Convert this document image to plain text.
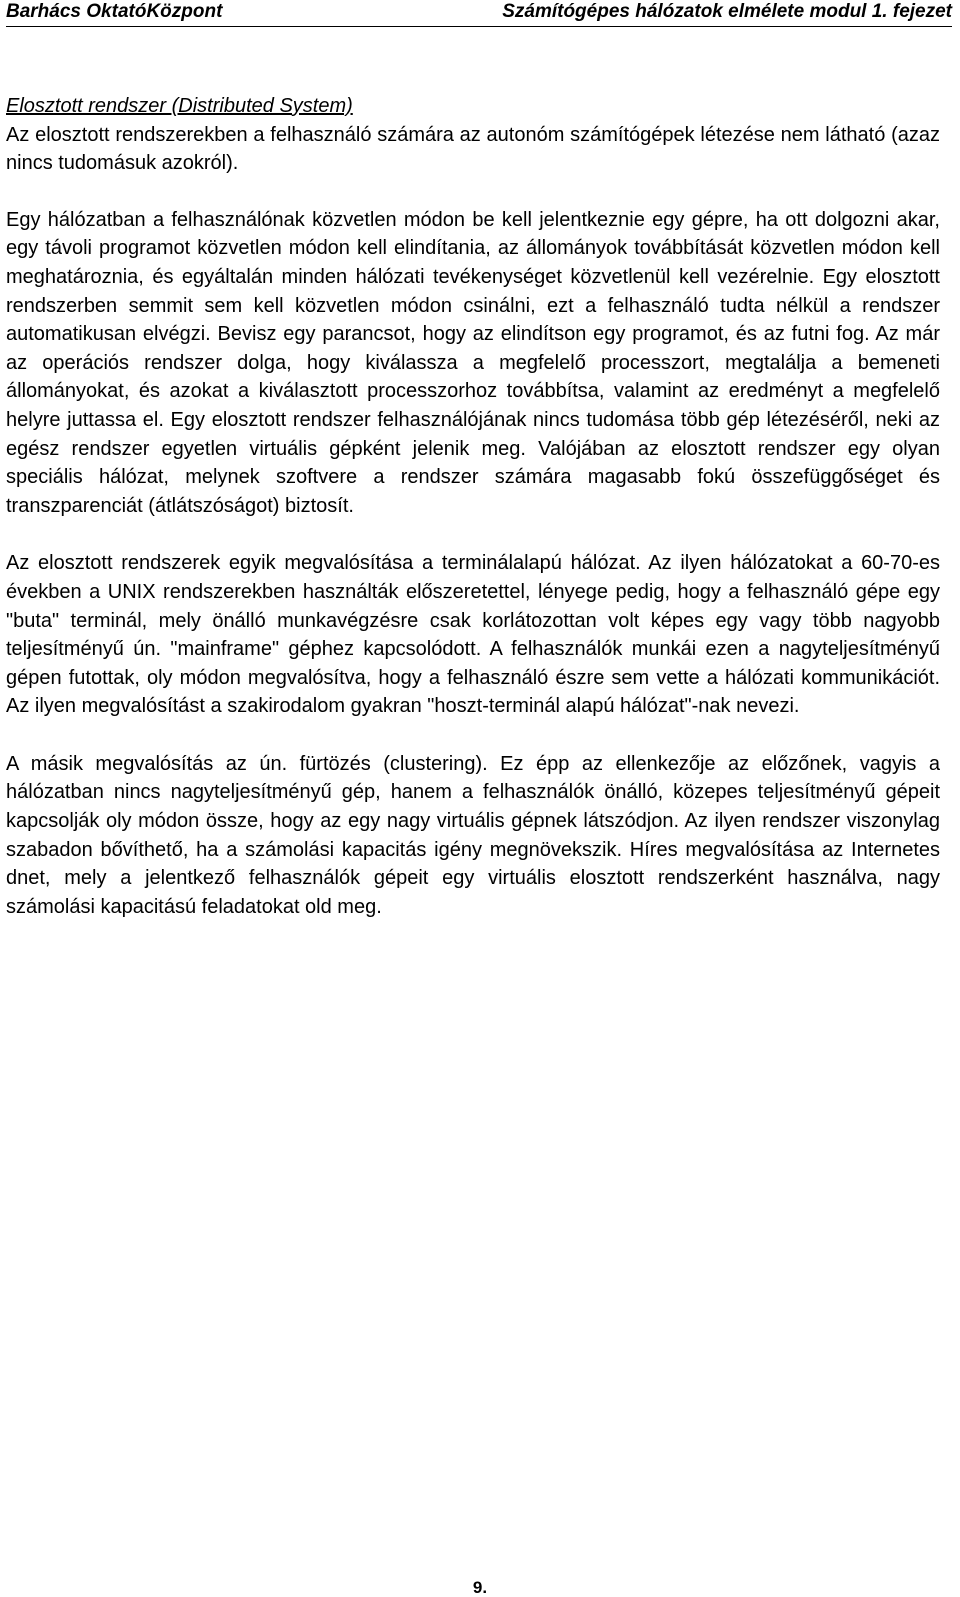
Barhács OktatóKözpont	Számítógépes hálózatok elmélete modul 1. fejezet
Elosztott rendszer (Distributed System)

Az elosztott rendszerekben a felhasználó számára az autonóm számítógépek létezése nem látható (azaz nincs tudomásuk azokról).

Egy hálózatban a felhasználónak közvetlen módon be kell jelentkeznie egy gépre, ha ott dolgozni akar, egy távoli programot közvetlen módon kell elindítania, az állományok továbbítását közvetlen módon kell meghatároznia, és egyáltalán minden hálózati tevékenységet közvetlenül kell vezérelnie. Egy elosztott rendszerben semmit sem kell közvetlen módon csinálni, ezt a felhasználó tudta nélkül a rendszer automatikusan elvégzi. Bevisz egy parancsot, hogy az elindítson egy programot, és az futni fog. Az már az operációs rendszer dolga, hogy kiválassza a megfelelő processzort, megtalálja a bemeneti állományokat, és azokat a kiválasztott processzorhoz továbbítsa, valamint az eredményt a megfelelő helyre juttassa el. Egy elosztott rendszer felhasználójának nincs tudomása több gép létezéséről, neki az egész rendszer egyetlen virtuális gépként jelenik meg. Valójában az elosztott rendszer egy olyan speciális hálózat, melynek szoftvere a rendszer számára magasabb fokú összefüggőséget és transzparenciát (átlátszóságot) biztosít.

Az elosztott rendszerek egyik megvalósítása a terminálalapú hálózat. Az ilyen hálózatokat a 60-70-es években a UNIX rendszerekben használták előszeretettel, lényege pedig, hogy a felhasználó gépe egy "buta" terminál, mely önálló munkavégzésre csak korlátozottan volt képes egy vagy több nagyobb teljesítményű ún. "mainframe" géphez kapcsolódott. A felhasználók munkái ezen a nagyteljesítményű gépen futottak, oly módon megvalósítva, hogy a felhasználó észre sem vette a hálózati kommunikációt. Az ilyen megvalósítást a szakirodalom gyakran "hoszt-terminál alapú hálózat"-nak nevezi.

A másik megvalósítás az ún. fürtözés (clustering). Ez épp az ellenkezője az előzőnek, vagyis a hálózatban nincs nagyteljesítményű gép, hanem a felhasználók önálló, közepes teljesítményű gépeit kapcsolják oly módon össze, hogy az egy nagy virtuális gépnek látszódjon. Az ilyen rendszer viszonylag szabadon bővíthető, ha a számolási kapacitás igény megnövekszik. Híres megvalósítása az Internetes dnet, mely a jelentkező felhasználók gépeit egy virtuális elosztott rendszerként használva, nagy számolási kapacitású feladatokat old meg.

9.
